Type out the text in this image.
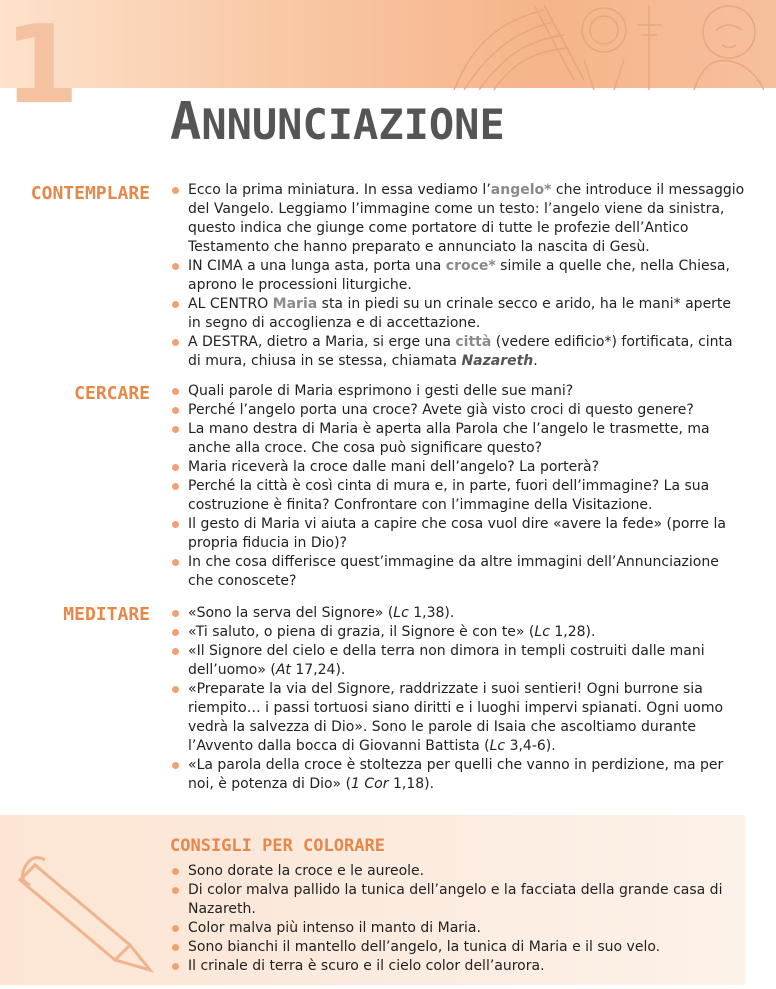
1 ANNUNCIAZIONE
CONTEMPLARE	Ecco la prima miniatura. In essa vediamo l’angelo* che introduce il messaggio del Vangelo. Leggiamo l’immagine come un testo: l’angelo viene da sinistra, questo indica che giunge come portatore di tutte le profezie dell’Antico Testamento che hanno preparato e annunciato la nascita di Gesù.
IN CIMA a una lunga asta, porta una croce* simile a quelle che, nella Chiesa, aprono le processioni liturgiche.
AL CENTRO Maria sta in piedi su un crinale secco e arido, ha le mani* aperte in segno di accoglienza e di accettazione.
A DESTRA, dietro a Maria, si erge una città (vedere edificio*) fortificata, cinta di mura, chiusa in se stessa, chiamata Nazareth.
CERCARE	Quali parole di Maria esprimono i gesti delle sue mani?
Perché l’angelo porta una croce? Avete già visto croci di questo genere?
La mano destra di Maria è aperta alla Parola che l’angelo le trasmette, ma anche alla croce. Che cosa può significare questo?
Maria riceverà la croce dalle mani dell’angelo? La porterà?
Perché la città è così cinta di mura e, in parte, fuori dell’immagine? La sua costruzione è finita? Confrontare con l’immagine della Visitazione.
Il gesto di Maria vi aiuta a capire che cosa vuol dire «avere la fede» (porre la propria fiducia in Dio)?
In che cosa differisce quest’immagine da altre immagini dell’Annunciazione che conoscete?
MEDITARE	«Sono la serva del Signore» (Lc 1,38).
«Ti saluto, o piena di grazia, il Signore è con te» (Lc 1,28).
«Il Signore del cielo e della terra non dimora in templi costruiti dalle mani dell’uomo» (At 17,24).
«Preparate la via del Signore, raddrizzate i suoi sentieri! Ogni burrone sia riempito… i passi tortuosi siano diritti e i luoghi impervi spianati. Ogni uomo vedrà la salvezza di Dio». Sono le parole di Isaia che ascoltiamo durante l’Avvento dalla bocca di Giovanni Battista (Lc 3,4-6).
«La parola della croce è stoltezza per quelli che vanno in perdizione, ma per noi, è potenza di Dio» (1 Cor 1,18).
CONSIGLI PER COLORARE
Sono dorate la croce e le aureole.
Di color malva pallido la tunica dell’angelo e la facciata della grande casa di Nazareth.
Color malva più intenso il manto di Maria.
Sono bianchi il mantello dell’angelo, la tunica di Maria e il suo velo.
Il crinale di terra è scuro e il cielo color dell’aurora.
